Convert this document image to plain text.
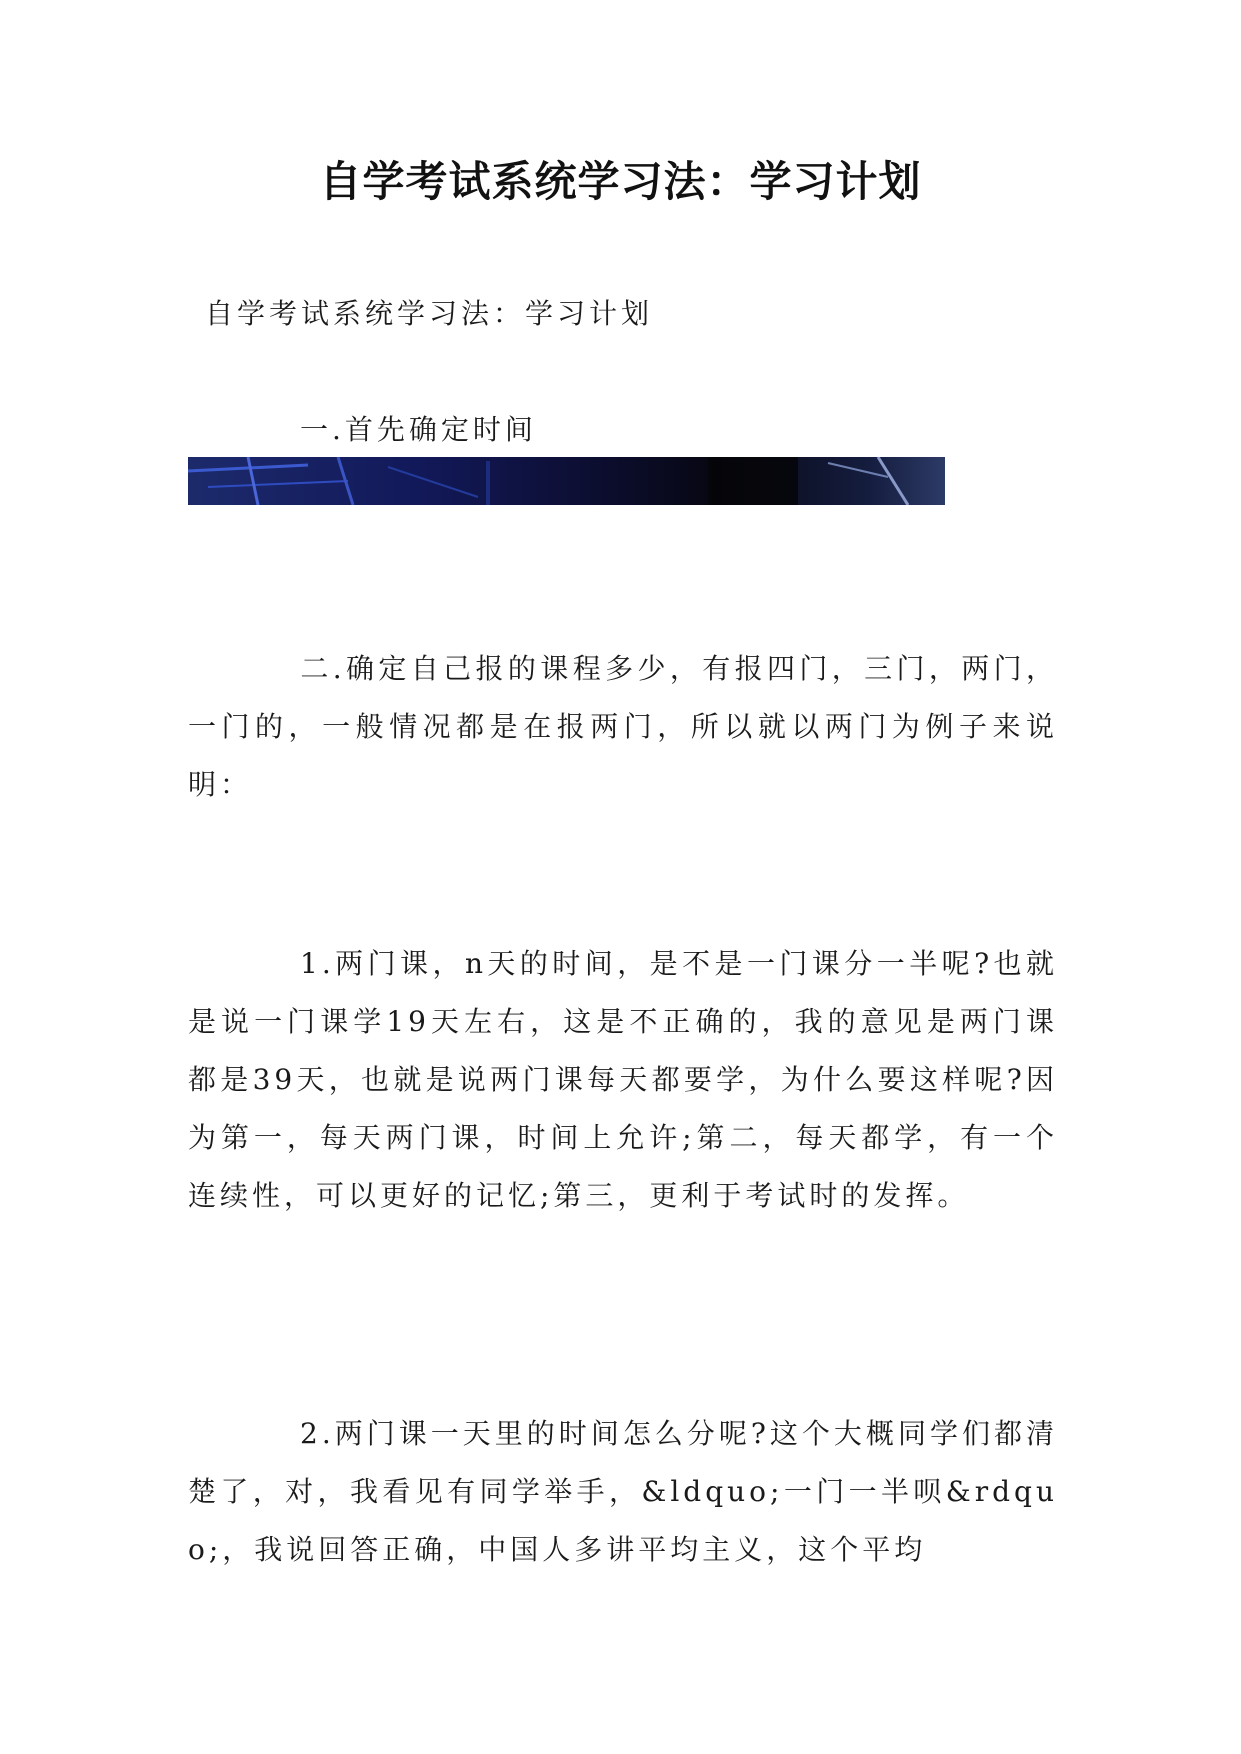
自学考试系统学习法：学习计划
自学考试系统学习法：学习计划
一.首先确定时间
二.确定自己报的课程多少，有报四门，三门，两门，一门的，一般情况都是在报两门，所以就以两门为例子来说明：
1.两门课，n天的时间，是不是一门课分一半呢?也就是说一门课学19天左右，这是不正确的，我的意见是两门课都是39天，也就是说两门课每天都要学，为什么要这样呢?因为第一，每天两门课，时间上允许;第二，每天都学，有一个连续性，可以更好的记忆;第三，更利于考试时的发挥。
2.两门课一天里的时间怎么分呢?这个大概同学们都清楚了，对，我看见有同学举手，&ldquo;一门一半呗&rdquo;，我说回答正确，中国人多讲平均主义，这个平均
